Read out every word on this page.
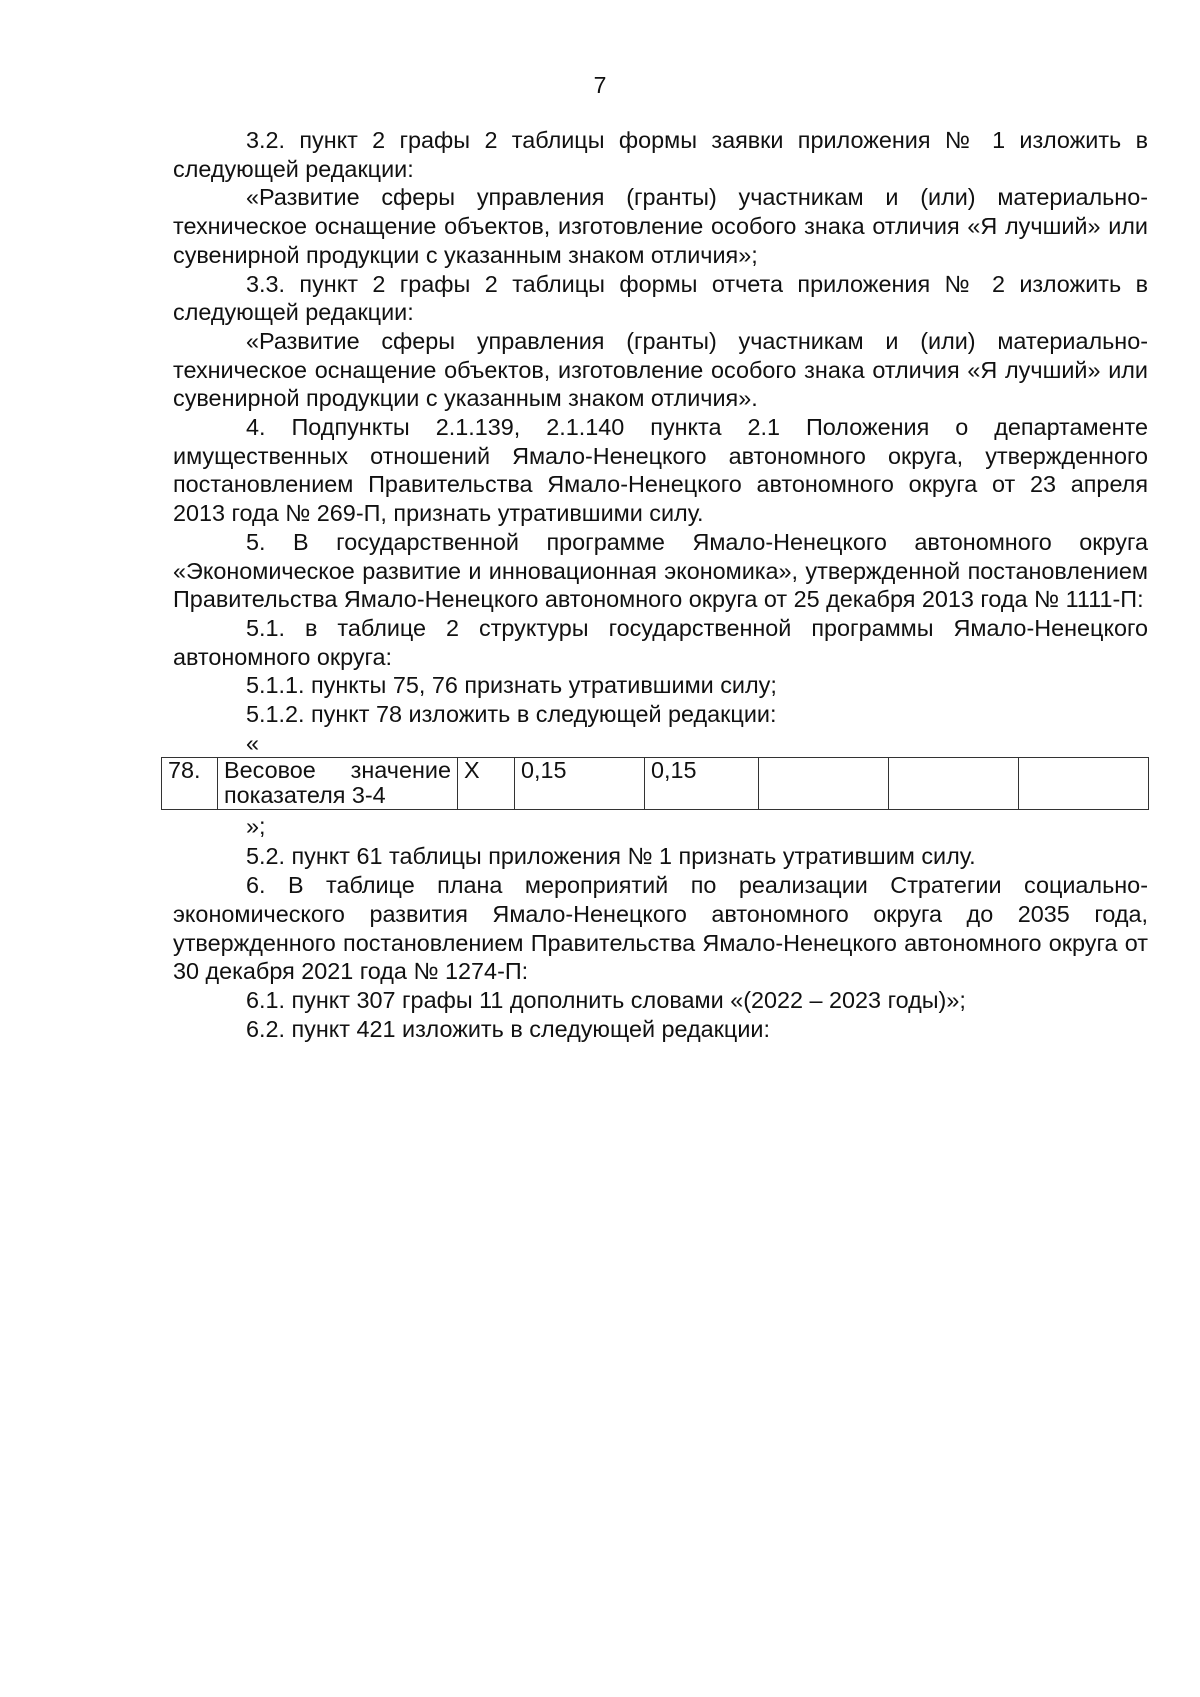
7

3.2. пункт 2 графы 2 таблицы формы заявки приложения № 1 изложить в следующей редакции:

«Развитие сферы управления (гранты) участникам и (или) материально-техническое оснащение объектов, изготовление особого знака отличия «Я лучший» или сувенирной продукции с указанным знаком отличия»;

3.3. пункт 2 графы 2 таблицы формы отчета приложения № 2 изложить в следующей редакции:

«Развитие сферы управления (гранты) участникам и (или) материально-техническое оснащение объектов, изготовление особого знака отличия «Я лучший» или сувенирной продукции с указанным знаком отличия».

4. Подпункты 2.1.139, 2.1.140 пункта 2.1 Положения о департаменте имущественных отношений Ямало-Ненецкого автономного округа, утвержденного постановлением Правительства Ямало-Ненецкого автономного округа от 23 апреля 2013 года № 269-П, признать утратившими силу.

5. В государственной программе Ямало-Ненецкого автономного округа «Экономическое развитие и инновационная экономика», утвержденной постановлением Правительства Ямало-Ненецкого автономного округа от 25 декабря 2013 года № 1111-П:

5.1. в таблице 2 структуры государственной программы Ямало-Ненецкого автономного округа:

5.1.1. пункты 75, 76 признать утратившими силу;

5.1.2. пункт 78 изложить в следующей редакции:

«

78.	Весовое значение показателя 3-4	Х	0,15	0,15			

»;

5.2. пункт 61 таблицы приложения № 1 признать утратившим силу.

6. В таблице плана мероприятий по реализации Стратегии социально-экономического развития Ямало-Ненецкого автономного округа до 2035 года, утвержденного постановлением Правительства Ямало-Ненецкого автономного округа от 30 декабря 2021 года № 1274-П:

6.1. пункт 307 графы 11 дополнить словами «(2022 – 2023 годы)»;

6.2. пункт 421 изложить в следующей редакции:
